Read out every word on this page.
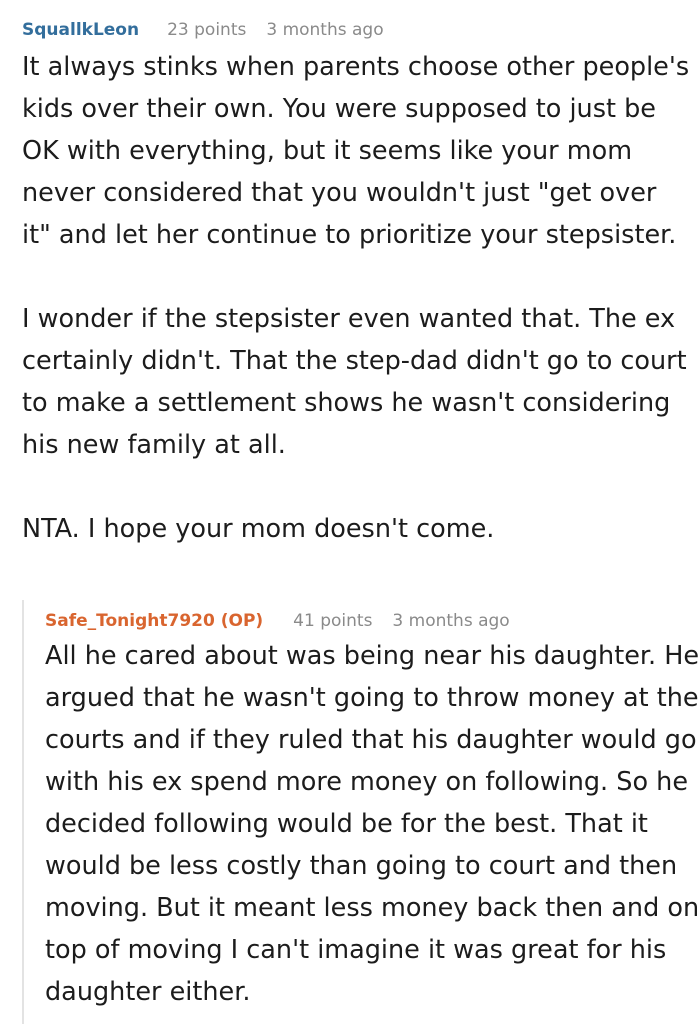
SquallkLeon 23 points 3 months ago

It always stinks when parents choose other people's kids over their own. You were supposed to just be OK with everything, but it seems like your mom never considered that you wouldn't just "get over it" and let her continue to prioritize your stepsister.

I wonder if the stepsister even wanted that. The ex certainly didn't. That the step-dad didn't go to court to make a settlement shows he wasn't considering his new family at all.

NTA. I hope your mom doesn't come.

Safe_Tonight7920 (OP) 41 points 3 months ago

All he cared about was being near his daughter. He argued that he wasn't going to throw money at the courts and if they ruled that his daughter would go with his ex spend more money on following. So he decided following would be for the best. That it would be less costly than going to court and then moving. But it meant less money back then and on top of moving I can't imagine it was great for his daughter either.
